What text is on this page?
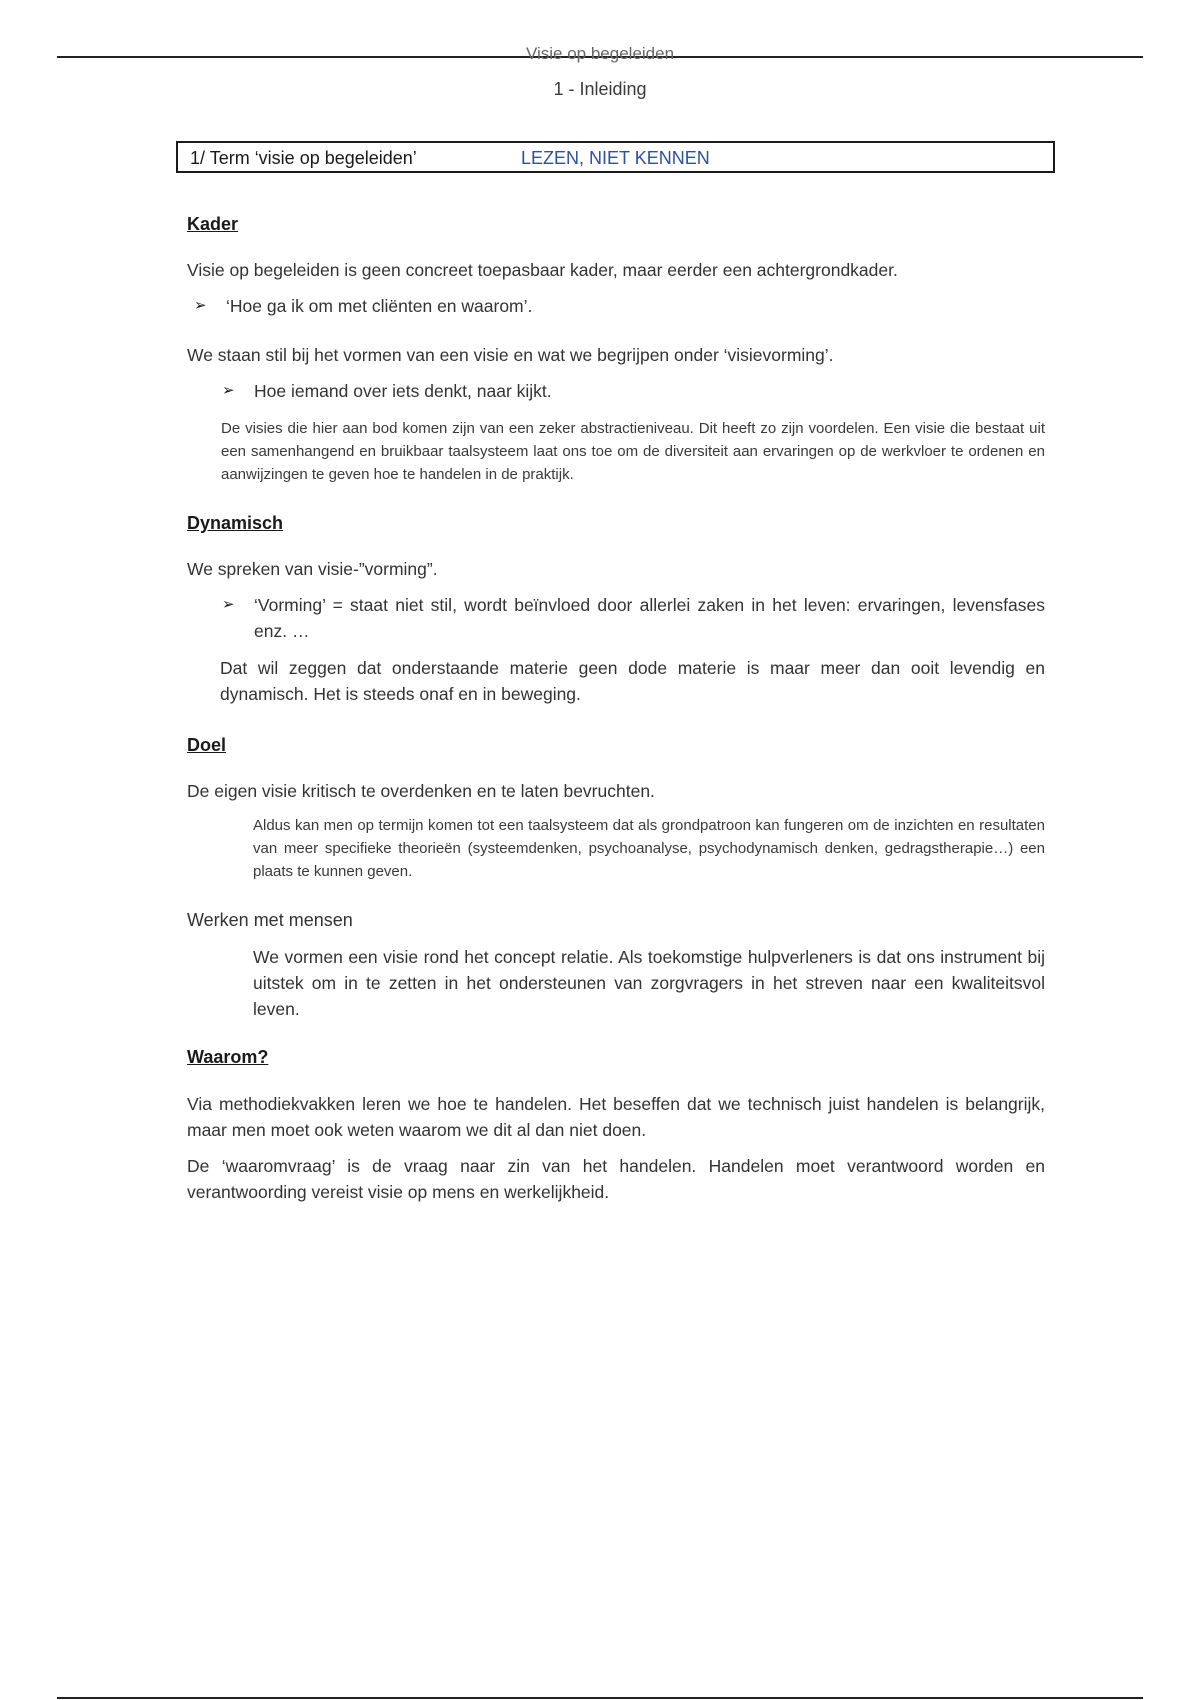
Visie op begeleiden
1 - Inleiding
1/ Term ‘visie op begeleiden’	LEZEN, NIET KENNEN

Kader

Visie op begeleiden is geen concreet toepasbaar kader, maar eerder een achtergrondkader.

➢	‘Hoe ga ik om met cliënten en waarom’.

We staan stil bij het vormen van een visie en wat we begrijpen onder ‘visievorming’.

➢	Hoe iemand over iets denkt, naar kijkt.

De visies die hier aan bod komen zijn van een zeker abstractieniveau. Dit heeft zo zijn voordelen. Een visie die bestaat uit een samenhangend en bruikbaar taalsysteem laat ons toe om de diversiteit aan ervaringen op de werkvloer te ordenen en aanwijzingen te geven hoe te handelen in de praktijk.

Dynamisch

We spreken van visie-”vorming”.

➢	‘Vorming’ = staat niet stil, wordt beïnvloed door allerlei zaken in het leven: ervaringen, levensfases enz. …

Dat wil zeggen dat onderstaande materie geen dode materie is maar meer dan ooit levendig en dynamisch. Het is steeds onaf en in beweging.

Doel

De eigen visie kritisch te overdenken en te laten bevruchten.

Aldus kan men op termijn komen tot een taalsysteem dat als grondpatroon kan fungeren om de inzichten en resultaten van meer specifieke theorieën (systeemdenken, psychoanalyse, psychodynamisch denken, gedragstherapie…) een plaats te kunnen geven.

Werken met mensen

We vormen een visie rond het concept relatie. Als toekomstige hulpverleners is dat ons instrument bij uitstek om in te zetten in het ondersteunen van zorgvragers in het streven naar een kwaliteitsvol leven.

Waarom?

Via methodiekvakken leren we hoe te handelen. Het beseffen dat we technisch juist handelen is belangrijk, maar men moet ook weten waarom we dit al dan niet doen.

De ‘waaromvraag’ is de vraag naar zin van het handelen. Handelen moet verantwoord worden en verantwoording vereist visie op mens en werkelijkheid.
